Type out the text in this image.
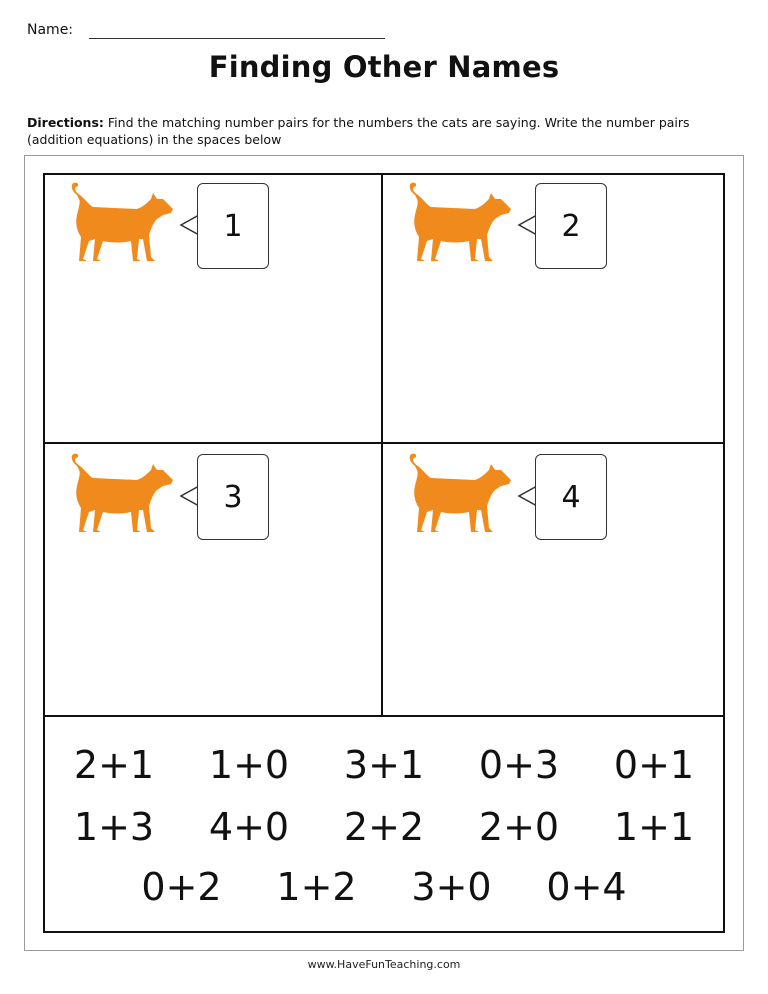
Name:
Finding Other Names
Directions: Find the matching number pairs for the numbers the cats are saying. Write the number pairs (addition equations) in the spaces below
1	2
3	4
2+1	1+0	3+1	0+3	0+1
1+3	4+0	2+2	2+0	1+1
0+2	1+2	3+0	0+4
www.HaveFunTeaching.com
